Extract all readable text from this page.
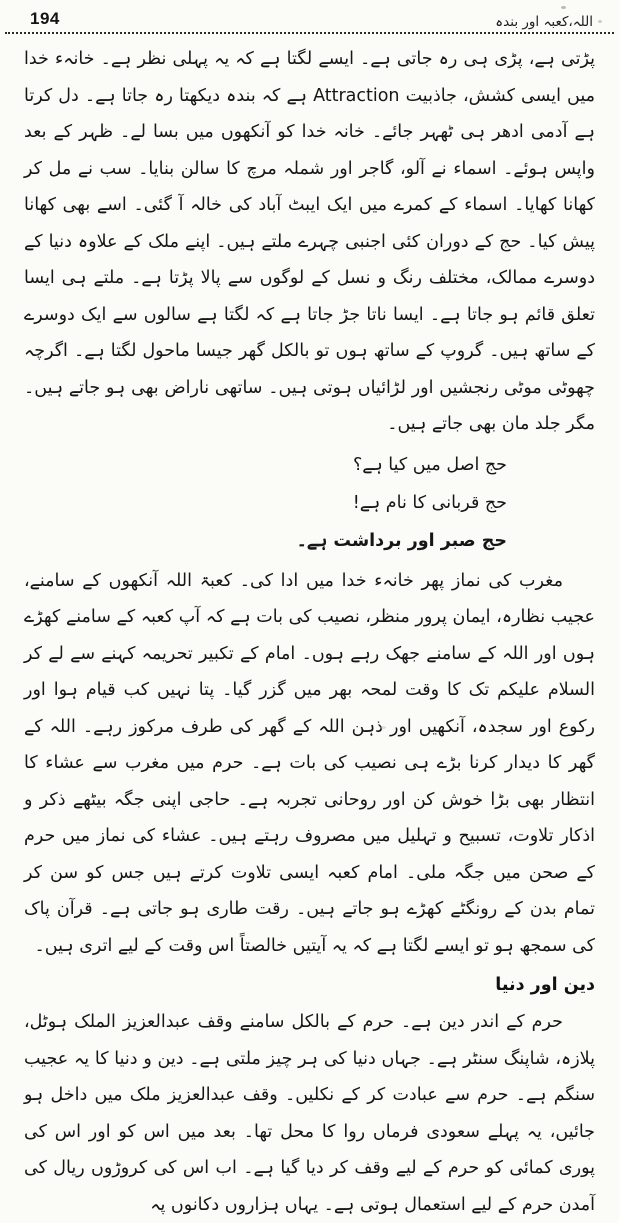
194	اللہ،کعبہ اور بندہ

پڑتی ہے، پڑی ہی رہ جاتی ہے۔ ایسے لگتا ہے کہ یہ پہلی نظر ہے۔ خانہء خدا میں ایسی کشش، جاذبیت Attraction ہے کہ بندہ دیکھتا رہ جاتا ہے۔ دل کرتا ہے آدمی ادھر ہی ٹھہر جائے۔ خانہ خدا کو آنکھوں میں بسا لے۔ ظہر کے بعد واپس ہوئے۔ اسماء نے آلو، گاجر اور شملہ مرچ کا سالن بنایا۔ سب نے مل کر کھانا کھایا۔ اسماء کے کمرے میں ایک ایبٹ آباد کی خالہ آ گئی۔ اسے بھی کھانا پیش کیا۔ حج کے دوران کئی اجنبی چہرے ملتے ہیں۔ اپنے ملک کے علاوہ دنیا کے دوسرے ممالک، مختلف رنگ و نسل کے لوگوں سے پالا پڑتا ہے۔ ملتے ہی ایسا تعلق قائم ہو جاتا ہے۔ ایسا ناتا جڑ جاتا ہے کہ لگتا ہے سالوں سے ایک دوسرے کے ساتھ ہیں۔ گروپ کے ساتھ ہوں تو بالکل گھر جیسا ماحول لگتا ہے۔ اگرچہ چھوٹی موٹی رنجشیں اور لڑائیاں ہوتی ہیں۔ ساتھی ناراض بھی ہو جاتے ہیں۔ مگر جلد مان بھی جاتے ہیں۔

حج اصل میں کیا ہے؟

حج قربانی کا نام ہے!

حج صبر اور برداشت ہے۔

مغرب کی نماز پھر خانہء خدا میں ادا کی۔ کعبۃ اللہ آنکھوں کے سامنے، عجیب نظارہ، ایمان پرور منظر، نصیب کی بات ہے کہ آپ کعبہ کے سامنے کھڑے ہوں اور اللہ کے سامنے جھک رہے ہوں۔ امام کے تکبیر تحریمہ کہنے سے لے کر السلام علیکم تک کا وقت لمحہ بھر میں گزر گیا۔ پتا نہیں کب قیام ہوا اور رکوع اور سجدہ، آنکھیں اور ذہن اللہ کے گھر کی طرف مرکوز رہے۔ اللہ کے گھر کا دیدار کرنا بڑے ہی نصیب کی بات ہے۔ حرم میں مغرب سے عشاء کا انتظار بھی بڑا خوش کن اور روحانی تجربہ ہے۔ حاجی اپنی جگہ بیٹھے ذکر و اذکار تلاوت، تسبیح و تہلیل میں مصروف رہتے ہیں۔ عشاء کی نماز میں حرم کے صحن میں جگہ ملی۔ امام کعبہ ایسی تلاوت کرتے ہیں جس کو سن کر تمام بدن کے رونگٹے کھڑے ہو جاتے ہیں۔ رقت طاری ہو جاتی ہے۔ قرآن پاک کی سمجھ ہو تو ایسے لگتا ہے کہ یہ آیتیں خالصتاً اس وقت کے لیے اتری ہیں۔

دین اور دنیا

حرم کے اندر دین ہے۔ حرم کے بالکل سامنے وقف عبدالعزیز الملک ہوٹل، پلازہ، شاپنگ سنٹر ہے۔ جہاں دنیا کی ہر چیز ملتی ہے۔ دین و دنیا کا یہ عجیب سنگم ہے۔ حرم سے عبادت کر کے نکلیں۔ وقف عبدالعزیز ملک میں داخل ہو جائیں، یہ پہلے سعودی فرماں روا کا محل تھا۔ بعد میں اس کو اور اس کی پوری کمائی کو حرم کے لیے وقف کر دیا گیا ہے۔ اب اس کی کروڑوں ریال کی آمدن حرم کے لیے استعمال ہوتی ہے۔ یہاں ہزاروں دکانوں پہ
